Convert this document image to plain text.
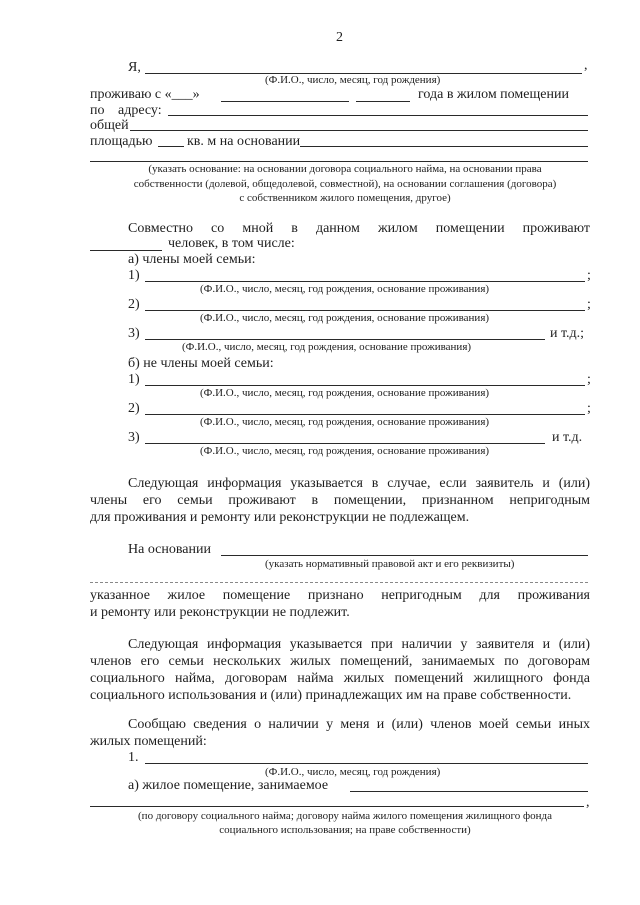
2
Я,	,
(Ф.И.О., число, месяц, год рождения)
проживаю с «___»	года в жилом помещении
по адресу:
общей
площадью кв. м на основании
(указать основание: на основании договора социального найма, на основании права
собственности (долевой, общедолевой, совместной), на основании соглашения (договора)
с собственником жилого помещения, другое)
Совместно со мной в данном жилом помещении проживают
человек, в том числе:
а) члены моей семьи:
1)	;
(Ф.И.О., число, месяц, год рождения, основание проживания)
2)	;
(Ф.И.О., число, месяц, год рождения, основание проживания)
3)	и т.д.;
(Ф.И.О., число, месяц, год рождения, основание проживания)
б) не члены моей семьи:
1)	;
(Ф.И.О., число, месяц, год рождения, основание проживания)
2)	;
(Ф.И.О., число, месяц, год рождения, основание проживания)
3)	и т.д.
(Ф.И.О., число, месяц, год рождения, основание проживания)
Следующая информация указывается в случае, если заявитель и (или)
члены его семьи проживают в помещении, признанном непригодным
для проживания и ремонту или реконструкции не подлежащем.
На основании
(указать нормативный правовой акт и его реквизиты)
указанное жилое помещение признано непригодным для проживания
и ремонту или реконструкции не подлежит.
Следующая информация указывается при наличии у заявителя и (или)
членов его семьи нескольких жилых помещений, занимаемых по договорам
социального найма, договорам найма жилых помещений жилищного фонда
социального использования и (или) принадлежащих им на праве собственности.
Сообщаю сведения о наличии у меня и (или) членов моей семьи иных
жилых помещений:
1.
(Ф.И.О., число, месяц, год рождения)
а) жилое помещение, занимаемое
,
(по договору социального найма; договору найма жилого помещения жилищного фонда
социального использования; на праве собственности)
